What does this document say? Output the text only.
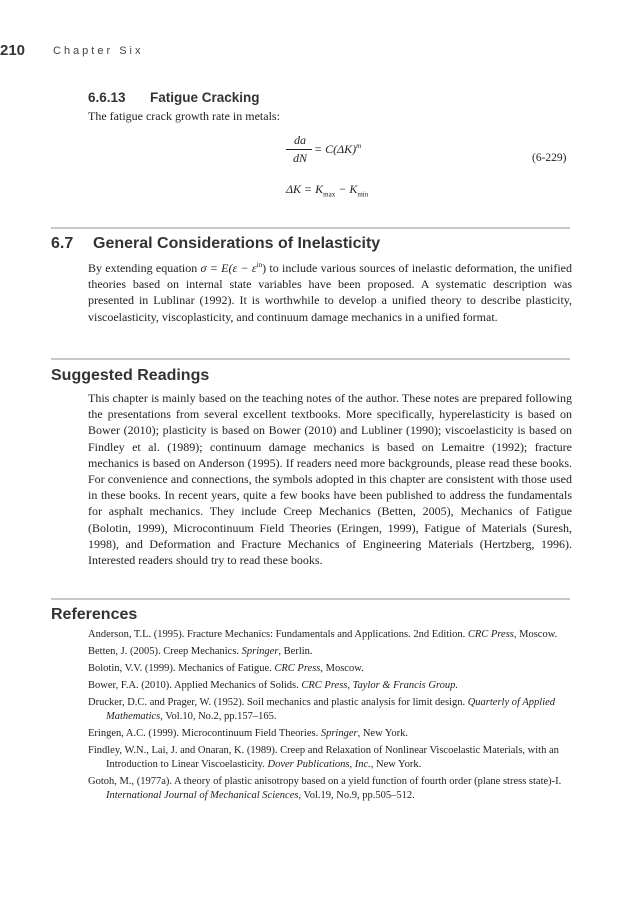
210	Chapter Six
6.6.13 Fatigue Cracking
The fatigue crack growth rate in metals:
da
dN
= $C(\Delta K)^m$
(6-229)
$\Delta K = K_{max} - K_{min}$
6.7 General Considerations of Inelasticity
By extending equation $\sigma = E(\varepsilon - \varepsilon^{in})$ to include various sources of inelastic deformation, the unified theories based on internal state variables have been proposed. A systematic description was presented in Lublinar (1992). It is worthwhile to develop a unified theory to describe plasticity, viscoelasticity, viscoplasticity, and continuum damage mechanics in a unified format.
Suggested Readings
This chapter is mainly based on the teaching notes of the author. These notes are prepared following the presentations from several excellent textbooks. More specifically, hyperelasticity is based on Bower (2010); plasticity is based on Bower (2010) and Lubliner (1990); viscoelasticity is based on Findley et al. (1989); continuum damage mechanics is based on Lemaitre (1992); fracture mechanics is based on Anderson (1995). If readers need more backgrounds, please read these books. For convenience and connections, the symbols adopted in this chapter are consistent with those used in these books. In recent years, quite a few books have been published to address the fundamentals for asphalt mechanics. They include Creep Mechanics (Betten, 2005), Mechanics of Fatigue (Bolotin, 1999), Microcontinuum Field Theories (Eringen, 1999), Fatigue of Materials (Suresh, 1998), and Deformation and Fracture Mechanics of Engineering Materials (Hertzberg, 1996). Interested readers should try to read these books.
References

Anderson, T.L. (1995). Fracture Mechanics: Fundamentals and Applications. 2nd Edition. CRC Press, Moscow.

Betten, J. (2005). Creep Mechanics. Springer, Berlin.

Bolotin, V.V. (1999). Mechanics of Fatigue. CRC Press, Moscow.

Bower, F.A. (2010). Applied Mechanics of Solids. CRC Press, Taylor & Francis Group.

Drucker, D.C. and Prager, W. (1952). Soil mechanics and plastic analysis for limit design. Quarterly of Applied Mathematics, Vol.10, No.2, pp.157–165.

Eringen, A.C. (1999). Microcontinuum Field Theories. Springer, New York.

Findley, W.N., Lai, J. and Onaran, K. (1989). Creep and Relaxation of Nonlinear Viscoelastic Materials, with an Introduction to Linear Viscoelasticity. Dover Publications, Inc., New York.

Gotoh, M., (1977a). A theory of plastic anisotropy based on a yield function of fourth order (plane stress state)-I. International Journal of Mechanical Sciences, Vol.19, No.9, pp.505–512.
